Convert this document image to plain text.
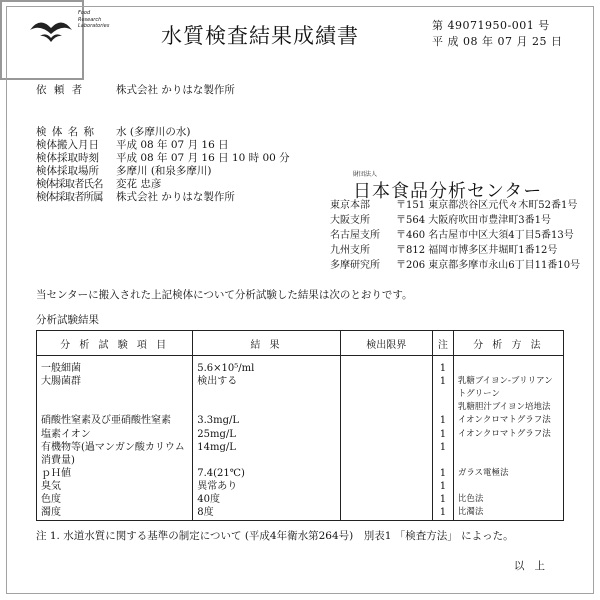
Food
Research
Laboratories	水質検査結果成績書	第 49071950-001 号
平 成 08 年 07 月 25 日
依 頼 者	株式会社 かりはな製作所
検 体 名 称 水 (多摩川の水)
検体搬入月日 平成 08 年 07 月 16 日
検体採取時刻 平成 08 年 07 月 16 日 10 時 00 分
検体採取場所 多摩川 (和泉多摩川)
検体採取者氏名 変花 忠彦
検体採取者所属 株式会社 かりはな製作所
財団法人
日本食品分析センター
東京本部	〒151 東京都渋谷区元代々木町52番1号
大阪支所	〒564 大阪府吹田市豊津町3番1号
名古屋支所 〒460 名古屋市中区大須4丁目5番13号
九州支所	〒812 福岡市博多区井堀町1番12号
多摩研究所 〒206 東京都多摩市永山6丁目11番10号
当センターに搬入された上記検体について分析試験した結果は次のとおりです。
分析試験結果
分 析 試 験 項 目	結 果	検出限界	注	分 析 方 法
一般細菌	5.6×10⁵/ml		1	
大腸菌群	検出する		1	乳糖ブイヨン-ブリリアントグリーン
				乳糖胆汁ブイヨン培地法
硝酸性窒素及び亜硝酸性窒素	3.3mg/L		1	イオンクロマトグラフ法
塩素イオン	25mg/L		1	イオンクロマトグラフ法
有機物等(過マンガン酸カリウム消費量)	14mg/L		1	
ｐＨ値	7.4(21℃)		1	ガラス電極法
臭気	異常あり		1	
色度	40度		1	比色法
濁度	8度		1	比濁法
注 1. 水道水質に関する基準の制定について (平成4年衛水第264号)　別表1 「検査方法」 によった。
以上
